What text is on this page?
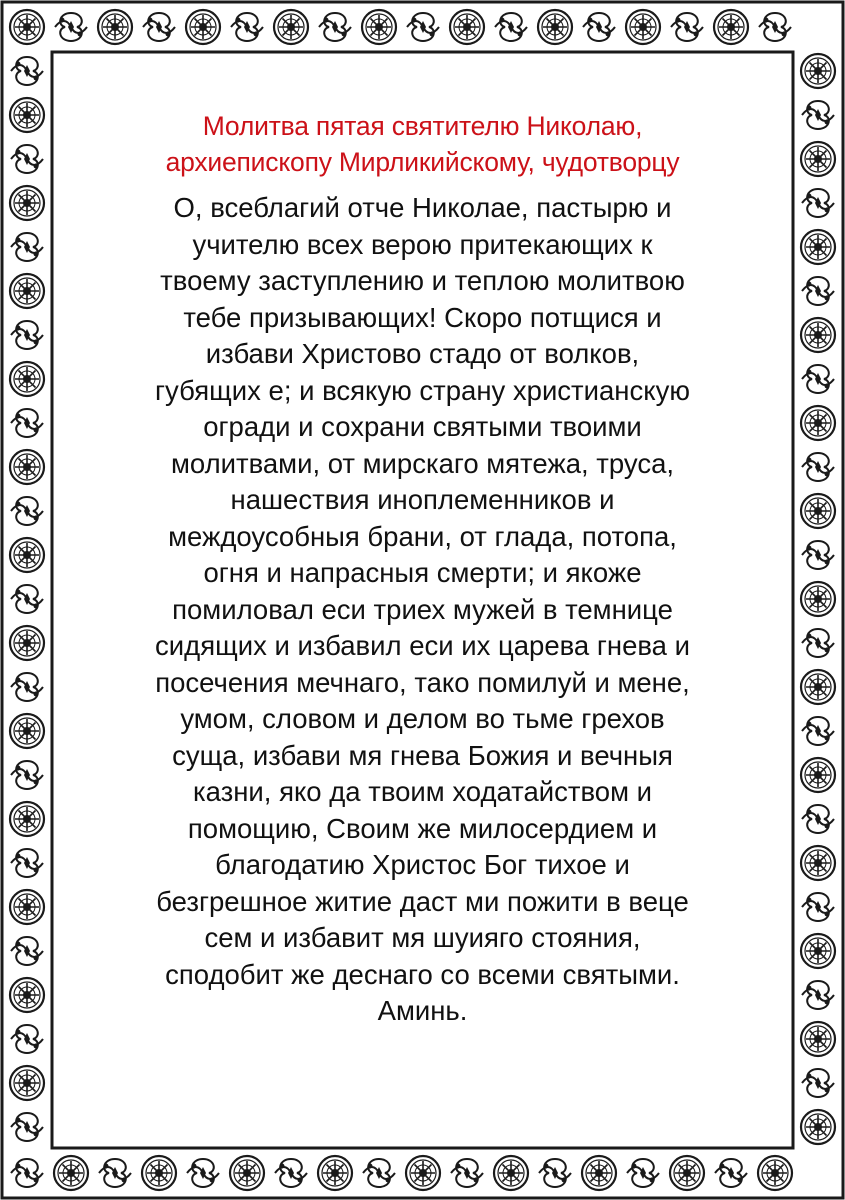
Молитва пятая святителю Николаю,
архиепископу Мирликийскому, чудотворцу
О, всеблагий отче Николае, пастырю и
учителю всех верою притекающих к
твоему заступлению и теплою молитвою
тебе призывающих! Скоро потщися и
избави Христово стадо от волков,
губящих е; и всякую страну христианскую
огради и сохрани святыми твоими
молитвами, от мирскаго мятежа, труса,
нашествия иноплеменников и
междоусобныя брани, от глада, потопа,
огня и напрасныя смерти; и якоже
помиловал еси триех мужей в темнице
сидящих и избавил еси их царева гнева и
посечения мечнаго, тако помилуй и мене,
умом, словом и делом во тьме грехов
суща, избави мя гнева Божия и вечныя
казни, яко да твоим ходатайством и
помощию, Своим же милосердием и
благодатию Христос Бог тихое и
безгрешное житие даст ми пожити в веце
сем и избавит мя шуияго стояния,
сподобит же деснаго со всеми святыми.
Аминь.
